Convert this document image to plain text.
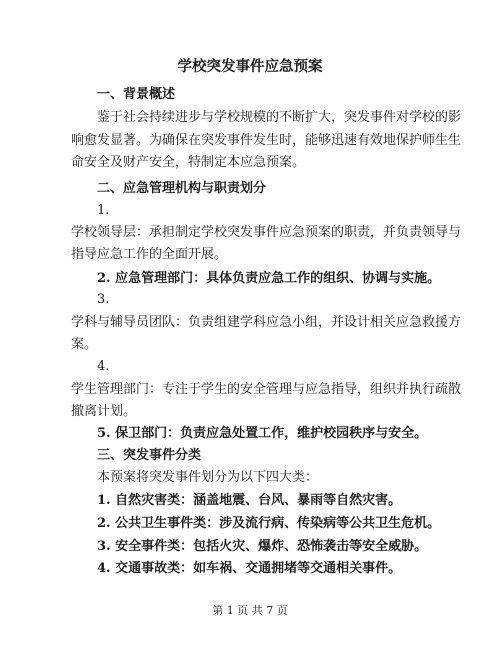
学校突发事件应急预案

一、背景概述

鉴于社会持续进步与学校规模的不断扩大，突发事件对学校的影

响愈发显著。为确保在突发事件发生时，能够迅速有效地保护师生生

命安全及财产安全，特制定本应急预案。

二、应急管理机构与职责划分

1.

学校领导层：承担制定学校突发事件应急预案的职责，并负责领导与

指导应急工作的全面开展。

2. 应急管理部门：具体负责应急工作的组织、协调与实施。

3.

学科与辅导员团队：负责组建学科应急小组，并设计相关应急救援方

案。

4.

学生管理部门：专注于学生的安全管理与应急指导，组织并执行疏散

撤离计划。

5. 保卫部门：负责应急处置工作，维护校园秩序与安全。

三、突发事件分类

本预案将突发事件划分为以下四大类：

1. 自然灾害类：涵盖地震、台风、暴雨等自然灾害。

2. 公共卫生事件类：涉及流行病、传染病等公共卫生危机。

3. 安全事件类：包括火灾、爆炸、恐怖袭击等安全威胁。

4. 交通事故类：如车祸、交通拥堵等交通相关事件。

第 1 页 共 7 页
